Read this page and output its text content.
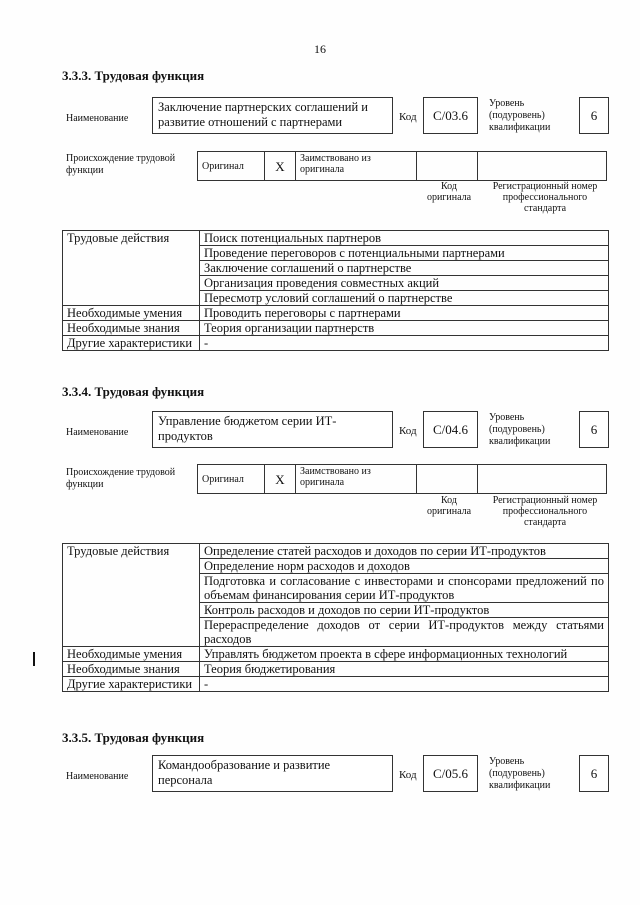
16
3.3.3. Трудовая функция
Наименование
Заключение партнерских соглашений и развитие отношений с партнерами	Код	C/03.6
Уровень (подуровень) квалификации
6
Происхождение трудовой функции	Оригинал	X	Заимствовано из оригинала		
Код оригинала
Регистрационный номер профессионального стандарта
Трудовые действия	Поиск потенциальных партнеров
	Проведение переговоров с потенциальными партнерами
	Заключение соглашений о партнерстве
	Организация проведения совместных акций
	Пересмотр условий соглашений о партнерстве
Необходимые умения	Проводить переговоры с партнерами
Необходимые знания	Теория организации партнерств
Другие характеристики	-
3.3.4. Трудовая функция
Наименование
Управление бюджетом серии ИТ-продуктов	Код	C/04.6
Уровень (подуровень) квалификации
6
Происхождение трудовой функции	Оригинал	X	Заимствовано из оригинала		
Код оригинала
Регистрационный номер профессионального стандарта
Трудовые действия	Определение статей расходов и доходов по серии ИТ-продуктов
	Определение норм расходов и доходов
	Подготовка и согласование с инвесторами и спонсорами предложений по объемам финансирования серии ИТ-продуктов
	Контроль расходов и доходов по серии ИТ-продуктов
	Перераспределение доходов от серии ИТ-продуктов между статьями расходов
Необходимые умения	Управлять бюджетом проекта в сфере информационных технологий
Необходимые знания	Теория бюджетирования
Другие характеристики	-
3.3.5. Трудовая функция
Наименование
Командообразование и развитие персонала	Код	C/05.6
Уровень (подуровень) квалификации
6
